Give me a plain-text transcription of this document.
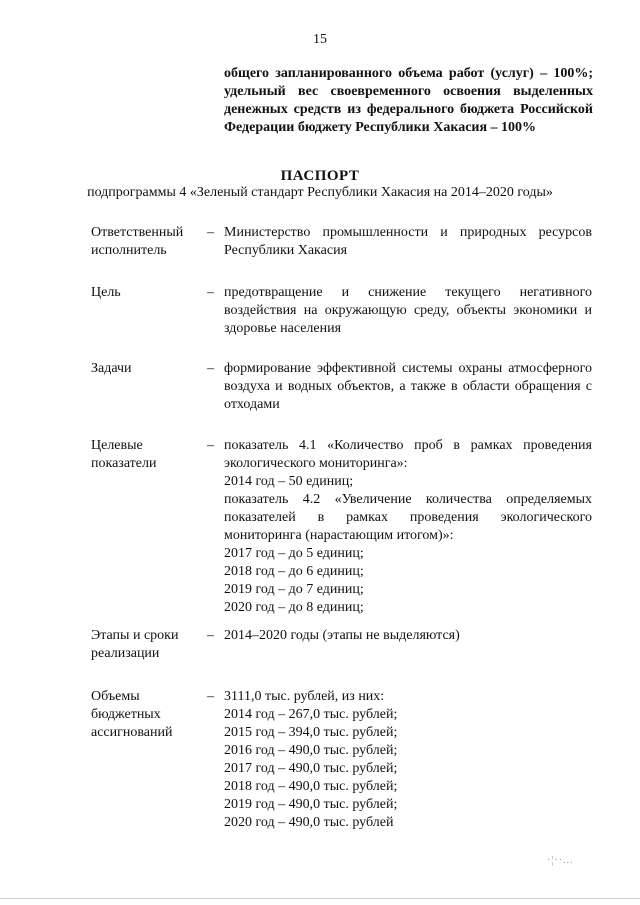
15
общего запланированного объема работ (услуг) – 100%;
удельный вес своевременного освоения выделенных
денежных средств из федерального бюджета Российской
Федерации бюджету Республики Хакасия – 100%
ПАСПОРТ
подпрограммы 4 «Зеленый стандарт Республики Хакасия на 2014–2020 годы»
Ответственный
исполнитель
– Министерство промышленности и природных ресурсов
Республики Хакасия
Цель	– предотвращение и снижение текущего негативного
воздействия на окружающую среду, объекты экономики и
здоровье населения
Задачи	– формирование эффективной системы охраны атмосферного
воздуха и водных объектов, а также в области обращения с
отходами
Целевые
показатели
– показатель 4.1 «Количество проб в рамках проведения
экологического мониторинга»:
2014 год – 50 единиц;
показатель 4.2 «Увеличение количества определяемых
показателей в рамках проведения экологического
мониторинга (нарастающим итогом)»:
2017 год – до 5 единиц;
2018 год – до 6 единиц;
2019 год – до 7 единиц;
2020 год – до 8 единиц;
Этапы и сроки
реализации
– 2014–2020 годы (этапы не выделяются)
Объемы
бюджетных
ассигнований
– 3111,0 тыс. рублей, из них:
2014 год – 267,0 тыс. рублей;
2015 год – 394,0 тыс. рублей;
2016 год – 490,0 тыс. рублей;
2017 год – 490,0 тыс. рублей;
2018 год – 490,0 тыс. рублей;
2019 год – 490,0 тыс. рублей;
2020 год – 490,0 тыс. рублей
·¦··...
